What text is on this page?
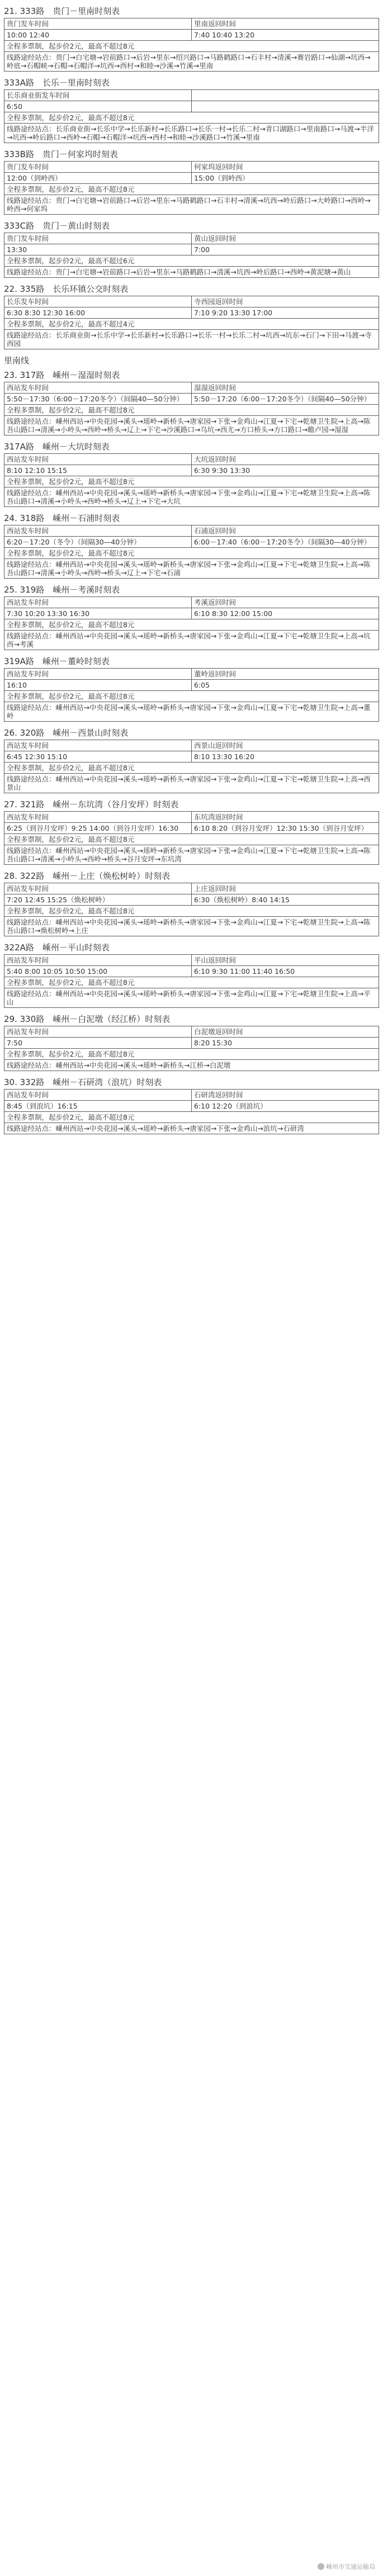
21. 333路　贵门－里南时刻表
贵门发车时间	里南返回时间
10:00 12:40	7:40 10:40 13:20
全程多票制，起步价2元，最高不超过8元	
线路途经站点：贵门→白宅塘→岩前路口→后岩→里东→绍兴路口→马路鹤路口→石丰村→清溪→赛岩路口→仙湖→坑西→岭底→石帽峡→石帽→石帽洋→坑西→西村→和睦→沙溪→竹溪→里南	
333A路　长乐－里南时刻表
长乐商业街发车时间	
6:50	
全程多票制，起步价2元，最高不超过8元	
线路途经站点：长乐商业街→长乐中学→长乐新村→长乐路口→长乐一村→长乐二村→青口湖路口→里南路口→马渡→半洋→坑西→岭后路口→西岭→石帽→石帽洋→坑西→西村→和睦→沙溪路口→竹溪→里南	
333B路　贵门－何家坞时刻表
贵门发车时间	何家坞返回时间
12:00（到岭西）	15:00（到岭西）
全程多票制，起步价2元，最高不超过8元	
线路途经站点：贵门→白宅塘→岩前路口→后岩→里东→马路鹤路口→石丰村→清溪→坑西→岭后路口→大岭路口→西岭→岭西→何家坞	
333C路　贵门－黄山时刻表
贵门发车时间	黄山返回时间
13:30	7:00
全程多票制，起步价2元，最高不超过6元	
线路途经站点：贵门→白宅塘→岩前路口→后岩→里东→马路鹤路口→清溪→坑西→岭后路口→西岭→黄泥塘→黄山	
22. 335路　长乐环镇公交时刻表
长乐发车时间	寺西园返回时间
6:30 8:30 12:30 16:00	7:10 9:20 13:30 17:00
全程多票制，起步价2元，最高不超过4元	
线路途经站点：长乐商业街→长乐中学→长乐新村→长乐路口→长乐一村→长乐二村→坑西→坑东→石门→下田→马渡→寺西园	
里南线
23. 317路　嵊州－湿湿时刻表
西站发车时间	湿湿返回时间
5:50－17:30（6:00－17:20冬令）（间隔40—50分钟）	5:50－17:20（6:00－17:20冬令）（间隔40—50分钟）
全程多票制，起步价2元，最高不超过8元	
线路途经站点：嵊州西站→中央花园→溪头→瑶岭→新桥头→唐家园→下张→金鸡山→江夏→下宅→乾塘卫生院→上高→陈吾山路口→清溪→小岭头→西岭→桥头→辽上→下宅→沙溪路口→乌坑→西尤→方口桥头→方口路口→瞻卢园→湿湿	
317A路　嵊州－大坑时刻表
西站发车时间	大坑返回时间
8:10 12:10 15:15	6:30 9:30 13:30
全程多票制，起步价2元，最高不超过8元	
线路途经站点：嵊州西站→中央花园→溪头→瑶岭→新桥头→唐家园→下张→金鸡山→江夏→下宅→乾塘卫生院→上高→陈吾山路口→清溪→小岭头→西岭→桥头→辽上→下宅→大坑	
24. 318路　嵊州－石浦时刻表
西站发车时间	石浦返回时间
6:20－17:20（冬令）（间隔30—40分钟）	6:00－17:40（6:00－17:20冬令）（间隔30—40分钟）
全程多票制，起步价2元，最高不超过8元	
线路途经站点：嵊州西站→中央花园→溪头→瑶岭→新桥头→唐家园→下张→金鸡山→江夏→下宅→乾塘卫生院→上高→陈吾山路口→清溪→小岭头→西岭→桥头→辽上→下宅→石浦	
25. 319路　嵊州－考溪时刻表
西站发车时间	考溪返回时间
7:30 10:20 13:30 16:30	6:10 8:30 12:00 15:00
全程多票制，起步价2元，最高不超过8元	
线路途经站点：嵊州西站→中央花园→溪头→瑶岭→新桥头→唐家园→下张→金鸡山→江夏→下宅→乾塘卫生院→上高→坑西→考溪	
319A路　嵊州－董岭时刻表
西站发车时间	董岭返回时间
16:10	6:05
全程多票制，起步价2元，最高不超过8元	
线路途经站点：嵊州西站→中央花园→溪头→瑶岭→新桥头→唐家园→下张→金鸡山→江夏→下宅→乾塘卫生院→上高→董岭	
26. 320路　嵊州－西景山时刻表
西站发车时间	西景山返回时间
6:45 12:30 15:10	8:10 13:30 16:20
全程多票制，起步价2元，最高不超过8元	
线路途经站点：嵊州西站→中央花园→溪头→瑶岭→新桥头→唐家园→下张→金鸡山→江夏→下宅→乾塘卫生院→上高→西景山	
27. 321路　嵊州－东坑湾（谷月安坪）时刻表
西站发车时间	东坑湾返回时间
6:25（到谷月安坪）9:25 14:00（到谷月安坪）16:30	6:10 8:20（到谷月安坪）12:30 15:30（到谷月安坪）
全程多票制，起步价2元，最高不超过8元	
线路途经站点：嵊州西站→中央花园→溪头→瑶岭→新桥头→唐家园→下张→金鸡山→江夏→下宅→乾塘卫生院→上高→陈吾山路口→清溪→小岭头→西岭→桥头→谷月安坪→东坑湾	
28. 322路　嵊州－上庄（焕松树岭）时刻表
西站发车时间	上庄返回时间
7:20 12:45 15:25（焕松树岭）	6:30（焕松树岭）8:40 14:15
全程多票制，起步价2元，最高不超过8元	
线路途经站点：嵊州西站→中央花园→溪头→瑶岭→新桥头→唐家园→下张→金鸡山→江夏→下宅→乾塘卫生院→上高→陈吾山路口→焕松树岭→上庄	
322A路　嵊州－平山时刻表
西站发车时间	平山返回时间
5:40 8:00 10:05 10:50 15:00	6:10 9:30 11:00 11:40 16:50
全程多票制，起步价2元，最高不超过8元	
线路途经站点：嵊州西站→中央花园→溪头→瑶岭→新桥头→唐家园→下张→金鸡山→江夏→下宅→乾塘卫生院→上高→平山	
29. 330路　嵊州－白泥墩（经江桥）时刻表
西站发车时间	白泥墩返回时间
7:50	8:20 15:30
全程多票制，起步价2元，最高不超过8元	
线路途经站点：嵊州西站→中央花园→溪头→瑶岭→新桥头→江桥→白泥墩	
30. 332路　嵊州－石研湾（浪坑）时刻表
西站发车时间	石研湾返回时间
8:45（到浪坑）16:15	6:10 12:20（到浪坑）
全程多票制，起步价2元，最高不超过8元	
线路途经站点：嵊州西站→中央花园→溪头→瑶岭→新桥头→唐家园→下张→金鸡山→浪坑→石研湾	
嵊州市交通运输局
